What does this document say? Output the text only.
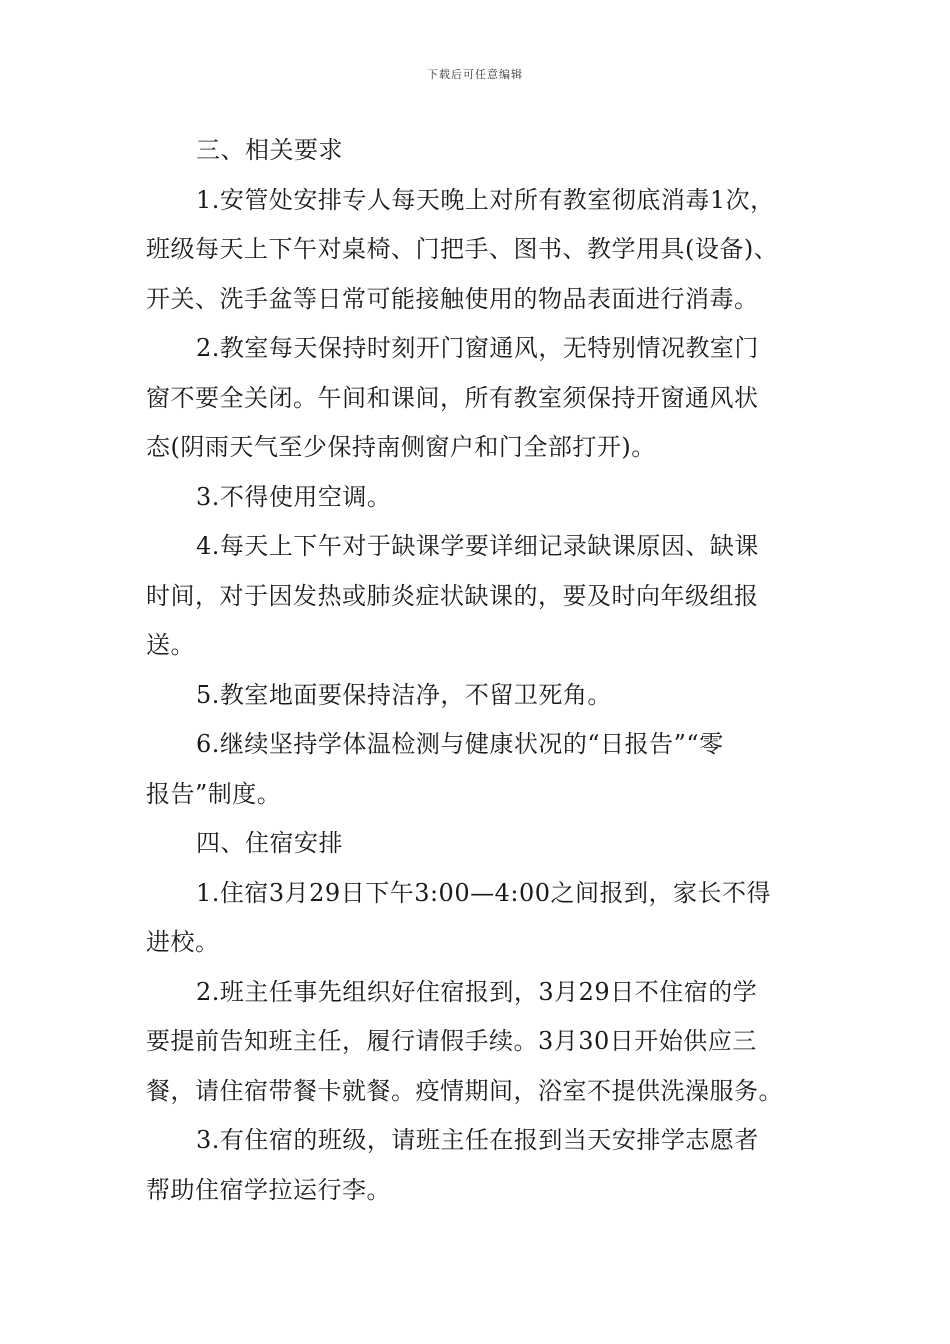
下载后可任意编辑
三、相关要求
1.安管处安排专人每天晚上对所有教室彻底消毒1次，
班级每天上下午对桌椅、门把手、图书、教学用具(设备)、
开关、洗手盆等日常可能接触使用的物品表面进行消毒。
2.教室每天保持时刻开门窗通风，无特别情况教室门
窗不要全关闭。午间和课间，所有教室须保持开窗通风状
态(阴雨天气至少保持南侧窗户和门全部打开)。
3.不得使用空调。
4.每天上下午对于缺课学要详细记录缺课原因、缺课
时间，对于因发热或肺炎症状缺课的，要及时向年级组报
送。
5.教室地面要保持洁净，不留卫死角。
6.继续坚持学体温检测与健康状况的“日报告”“零
报告”制度。
四、住宿安排
1.住宿3月29日下午3:00—4:00之间报到，家长不得
进校。
2.班主任事先组织好住宿报到，3月29日不住宿的学
要提前告知班主任，履行请假手续。3月30日开始供应三
餐，请住宿带餐卡就餐。疫情期间，浴室不提供洗澡服务。
3.有住宿的班级，请班主任在报到当天安排学志愿者
帮助住宿学拉运行李。
